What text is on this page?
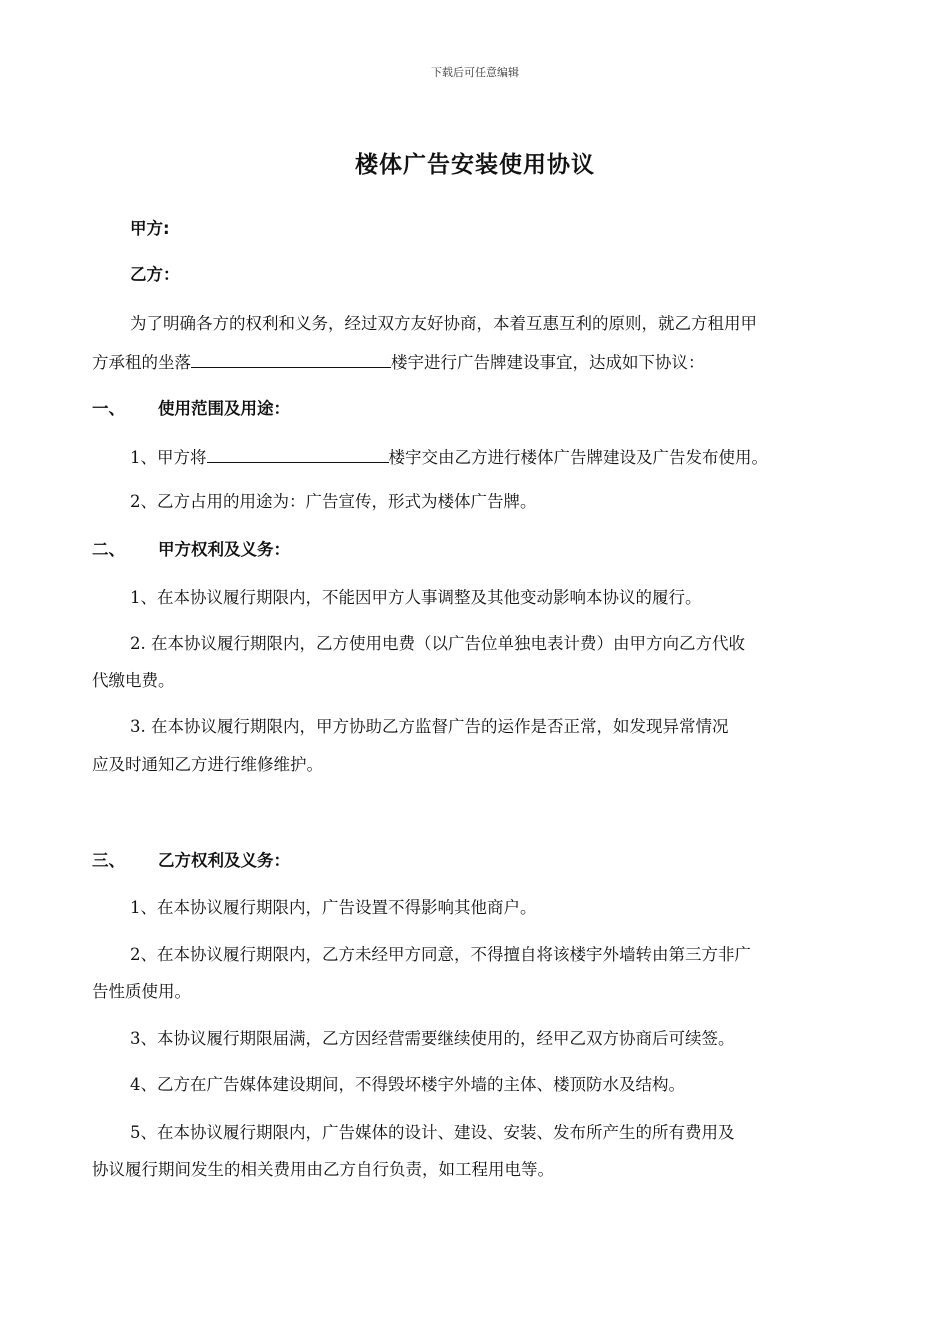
下载后可任意编辑
楼体广告安装使用协议
甲方:
乙方：
为了明确各方的权利和义务，经过双方友好协商，本着互惠互利的原则，就乙方租用甲
方承租的坐落	楼宇进行广告牌建设事宜，达成如下协议：
一、 使用范围及用途：
1、甲方将	楼宇交由乙方进行楼体广告牌建设及广告发布使用。
2、乙方占用的用途为：广告宣传，形式为楼体广告牌。
二、 甲方权利及义务：
1、在本协议履行期限内，不能因甲方人事调整及其他变动影响本协议的履行。
2. 在本协议履行期限内，乙方使用电费（以广告位单独电表计费）由甲方向乙方代收
代缴电费。
3. 在本协议履行期限内，甲方协助乙方监督广告的运作是否正常，如发现异常情况
应及时通知乙方进行维修维护。
三、 乙方权利及义务：
1、在本协议履行期限内，广告设置不得影响其他商户。
2、在本协议履行期限内，乙方未经甲方同意，不得擅自将该楼宇外墙转由第三方非广
告性质使用。
3、本协议履行期限届满，乙方因经营需要继续使用的，经甲乙双方协商后可续签。
4、乙方在广告媒体建设期间，不得毁坏楼宇外墙的主体、楼顶防水及结构。
5、在本协议履行期限内，广告媒体的设计、建设、安装、发布所产生的所有费用及
协议履行期间发生的相关费用由乙方自行负责，如工程用电等。
